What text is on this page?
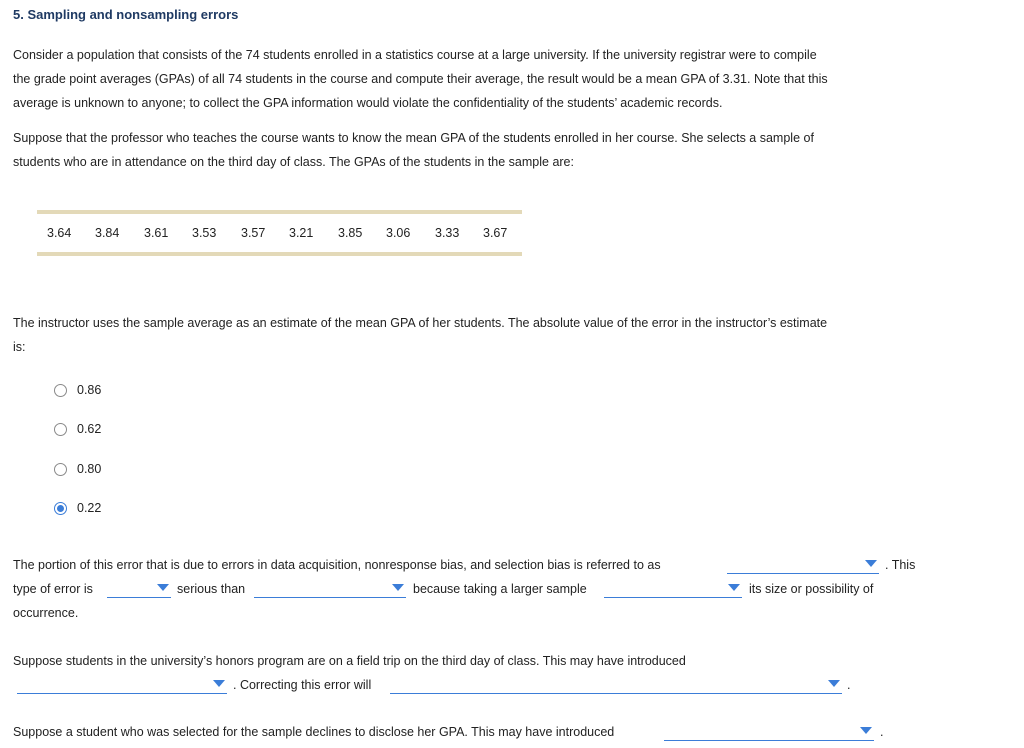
5. Sampling and nonsampling errors
Consider a population that consists of the 74 students enrolled in a statistics course at a large university. If the university registrar were to compile
the grade point averages (GPAs) of all 74 students in the course and compute their average, the result would be a mean GPA of 3.31. Note that this
average is unknown to anyone; to collect the GPA information would violate the confidentiality of the students’ academic records.
Suppose that the professor who teaches the course wants to know the mean GPA of the students enrolled in her course. She selects a sample of
students who are in attendance on the third day of class. The GPAs of the students in the sample are:
3.64 3.84 3.61 3.53 3.57 3.21 3.85 3.06 3.33 3.67
The instructor uses the sample average as an estimate of the mean GPA of her students. The absolute value of the error in the instructor’s estimate
is:
0.86
0.62
0.80
0.22
The portion of this error that is due to errors in data acquisition, nonresponse bias, and selection bias is referred to as	. This
type of error is	serious than	because taking a larger sample	its size or possibility of
occurrence.
Suppose students in the university’s honors program are on a field trip on the third day of class. This may have introduced
. Correcting this error will	.
Suppose a student who was selected for the sample declines to disclose her GPA. This may have introduced	.
